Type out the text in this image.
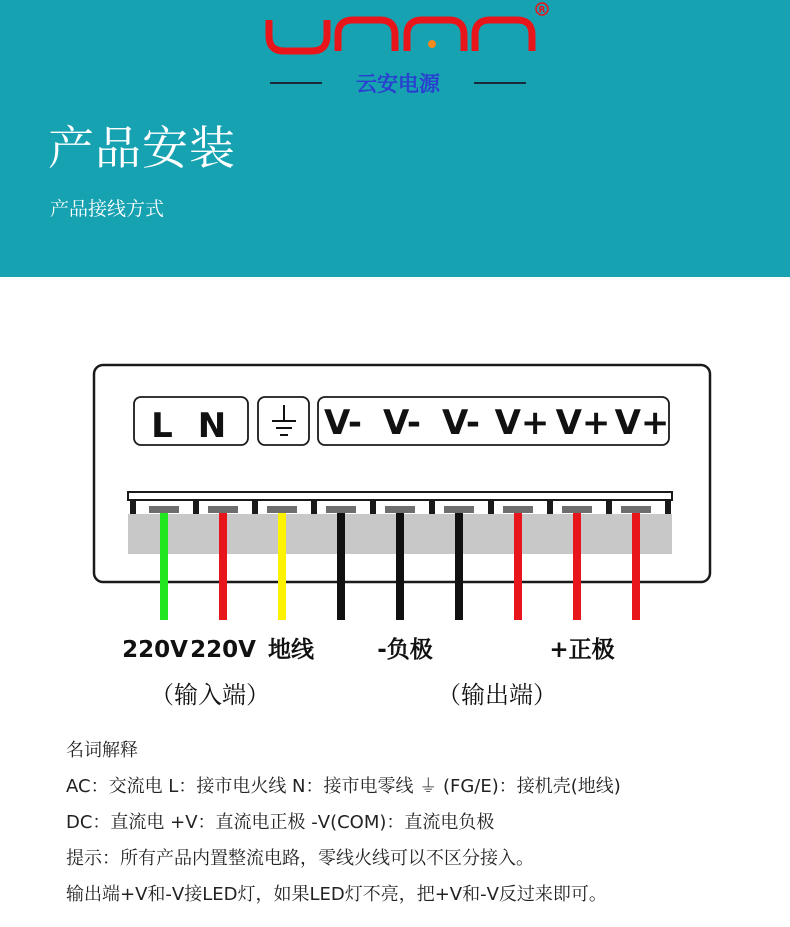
R
云安电源
产品安装
产品接线方式
L N	V- V- V- V+ V+ V+
220V 220V 地线	-负极	+正极
（输入端）	（输出端）
名词解释
AC：交流电 L：接市电火线 N：接市电零线 ⏚ (FG/E)：接机壳(地线)
DC：直流电 +V：直流电正极 -V(COM)：直流电负极
提示：所有产品内置整流电路，零线火线可以不区分接入。
输出端+V和-V接LED灯，如果LED灯不亮，把+V和-V反过来即可。
